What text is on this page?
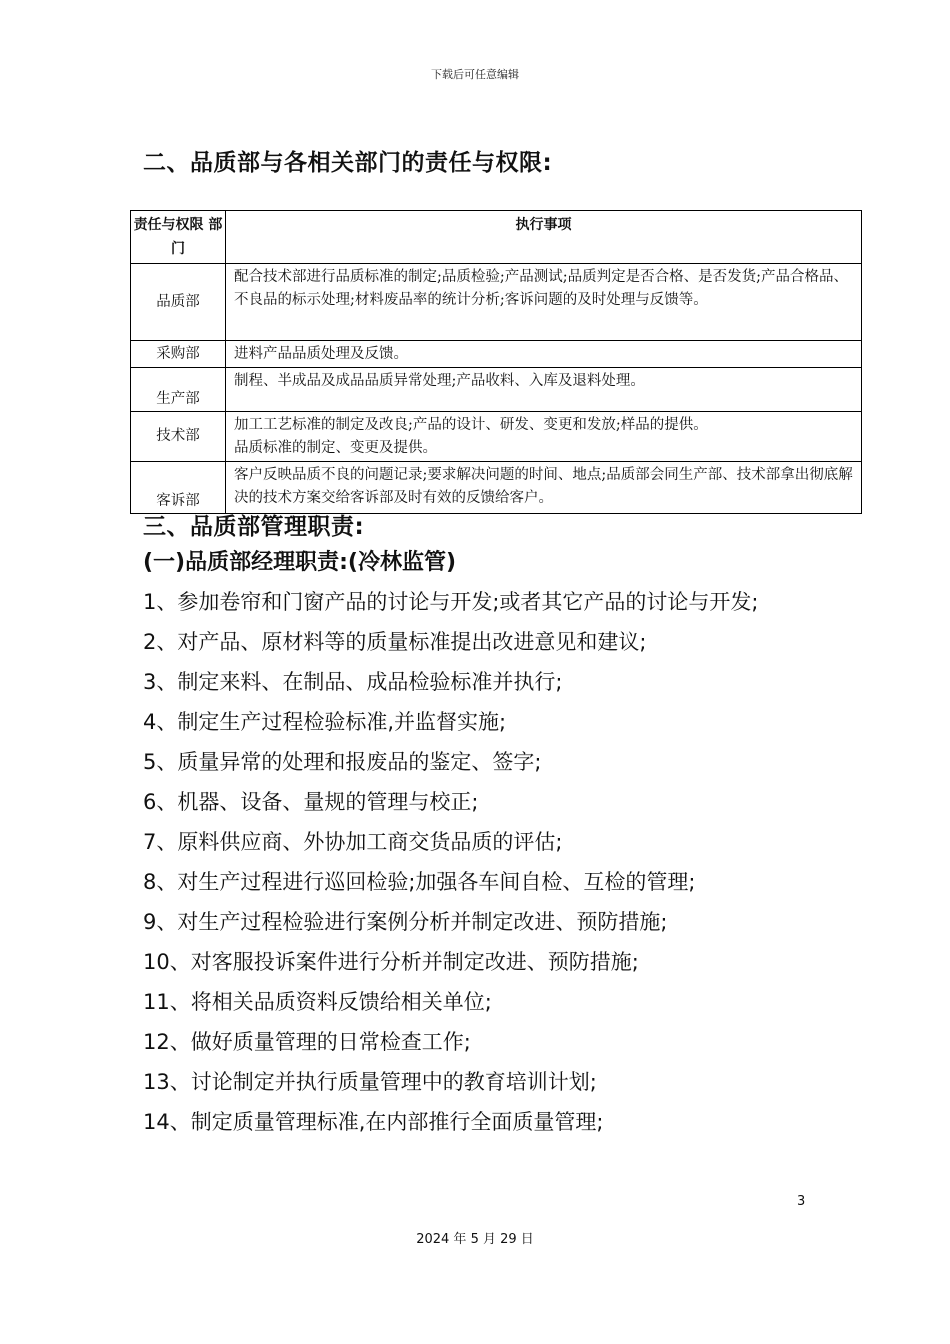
下载后可任意编辑
二、品质部与各相关部门的责任与权限:
责任与权限 部门	执行事项
品质部	配合技术部进行品质标准的制定;品质检验;产品测试;品质判定是否合格、是否发货;产品合格品、不良品的标示处理;材料废品率的统计分析;客诉问题的及时处理与反馈等。
采购部	进料产品品质处理及反馈。
生产部	制程、半成品及成品品质异常处理;产品收料、入库及退料处理。
技术部	加工工艺标准的制定及改良;产品的设计、研发、变更和发放;样品的提供。
品质标准的制定、变更及提供。

客诉部	客户反映品质不良的问题记录;要求解决问题的时间、地点;品质部会同生产部、技术部拿出彻底解决的技术方案交给客诉部及时有效的反馈给客户。
三、品质部管理职责:
(一)品质部经理职责:(冷林监管)
1、参加卷帘和门窗产品的讨论与开发;或者其它产品的讨论与开发;
2、对产品、原材料等的质量标准提出改进意见和建议;
3、制定来料、在制品、成品检验标准并执行;
4、制定生产过程检验标准,并监督实施;
5、质量异常的处理和报废品的鉴定、签字;
6、机器、设备、量规的管理与校正;
7、原料供应商、外协加工商交货品质的评估;
8、对生产过程进行巡回检验;加强各车间自检、互检的管理;
9、对生产过程检验进行案例分析并制定改进、预防措施;
10、对客服投诉案件进行分析并制定改进、预防措施;
11、将相关品质资料反馈给相关单位;
12、做好质量管理的日常检查工作;
13、讨论制定并执行质量管理中的教育培训计划;
14、制定质量管理标准,在内部推行全面质量管理;
3
2024 年 5 月 29 日
